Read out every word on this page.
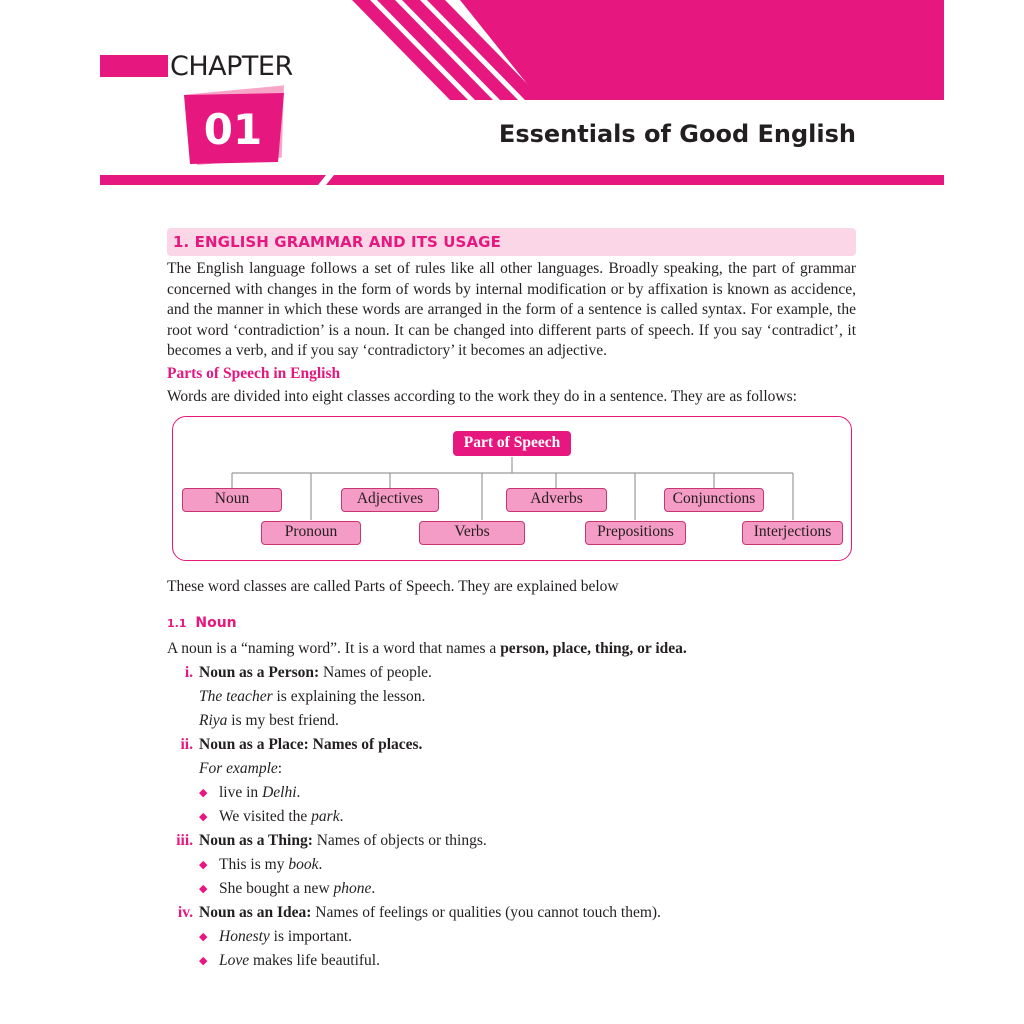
CHAPTER
01	Essentials of Good English
1. ENGLISH GRAMMAR AND ITS USAGE

The English language follows a set of rules like all other languages. Broadly speaking, the part of grammar concerned with changes in the form of words by internal modification or by affixation is known as accidence, and the manner in which these words are arranged in the form of a sentence is called syntax. For example, the root word ‘contradiction’ is a noun. It can be changed into different parts of speech. If you say ‘contradict’, it becomes a verb, and if you say ‘contradictory’ it becomes an adjective.

Parts of Speech in English

Words are divided into eight classes according to the work they do in a sentence. They are as follows:

Part of Speech
Noun
Pronoun
Adjectives
Verbs
Adverbs
Prepositions
Conjunctions
Interjections

These word classes are called Parts of Speech. They are explained below

1.1 Noun

A noun is a “naming word”. It is a word that names a person, place, thing, or idea.

i. Noun as a Person: Names of people.

The teacher is explaining the lesson.

Riya is my best friend.

ii. Noun as a Place: Names of places.

For example:

◆ live in Delhi.
◆ We visited the park.
iii. Noun as a Thing: Names of objects or things.
◆ This is my book.
◆ She bought a new phone.
iv. Noun as an Idea: Names of feelings or qualities (you cannot touch them).
◆ Honesty is important.
◆ Love makes life beautiful.
